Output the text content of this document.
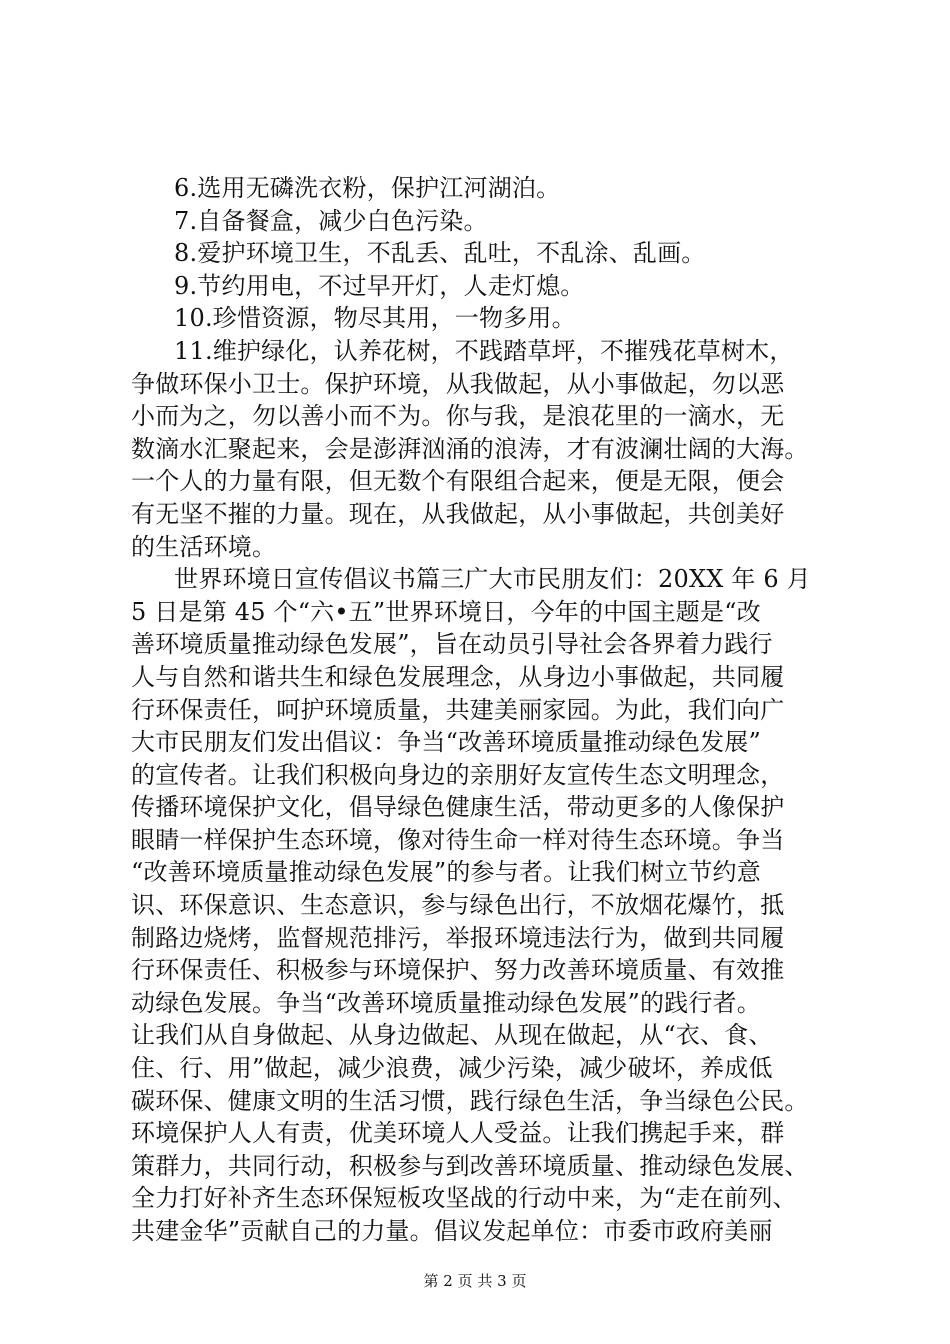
6.选用无磷洗衣粉，保护江河湖泊。

7.自备餐盒，减少白色污染。

8.爱护环境卫生，不乱丢、乱吐，不乱涂、乱画。

9.节约用电，不过早开灯，人走灯熄。

10.珍惜资源，物尽其用，一物多用。

11.维护绿化，认养花树，不践踏草坪，不摧残花草树木，

争做环保小卫士。保护环境，从我做起，从小事做起，勿以恶

小而为之，勿以善小而不为。你与我，是浪花里的一滴水，无

数滴水汇聚起来，会是澎湃汹涌的浪涛，才有波澜壮阔的大海。

一个人的力量有限，但无数个有限组合起来，便是无限，便会

有无坚不摧的力量。现在，从我做起，从小事做起，共创美好

的生活环境。

世界环境日宣传倡议书篇三广大市民朋友们：20XX 年 6 月

5 日是第 45 个“六•五”世界环境日，今年的中国主题是“改

善环境质量推动绿色发展”，旨在动员引导社会各界着力践行

人与自然和谐共生和绿色发展理念，从身边小事做起，共同履

行环保责任，呵护环境质量，共建美丽家园。为此，我们向广

大市民朋友们发出倡议：争当“改善环境质量推动绿色发展”

的宣传者。让我们积极向身边的亲朋好友宣传生态文明理念，

传播环境保护文化，倡导绿色健康生活，带动更多的人像保护

眼睛一样保护生态环境，像对待生命一样对待生态环境。争当

“改善环境质量推动绿色发展”的参与者。让我们树立节约意

识、环保意识、生态意识，参与绿色出行，不放烟花爆竹，抵

制路边烧烤，监督规范排污，举报环境违法行为，做到共同履

行环保责任、积极参与环境保护、努力改善环境质量、有效推

动绿色发展。争当“改善环境质量推动绿色发展”的践行者。

让我们从自身做起、从身边做起、从现在做起，从“衣、食、

住、行、用”做起，减少浪费，减少污染，减少破坏，养成低

碳环保、健康文明的生活习惯，践行绿色生活，争当绿色公民。

环境保护人人有责，优美环境人人受益。让我们携起手来，群

策群力，共同行动，积极参与到改善环境质量、推动绿色发展、

全力打好补齐生态环保短板攻坚战的行动中来，为“走在前列、

共建金华”贡献自己的力量。倡议发起单位：市委市政府美丽

第 2 页 共 3 页
